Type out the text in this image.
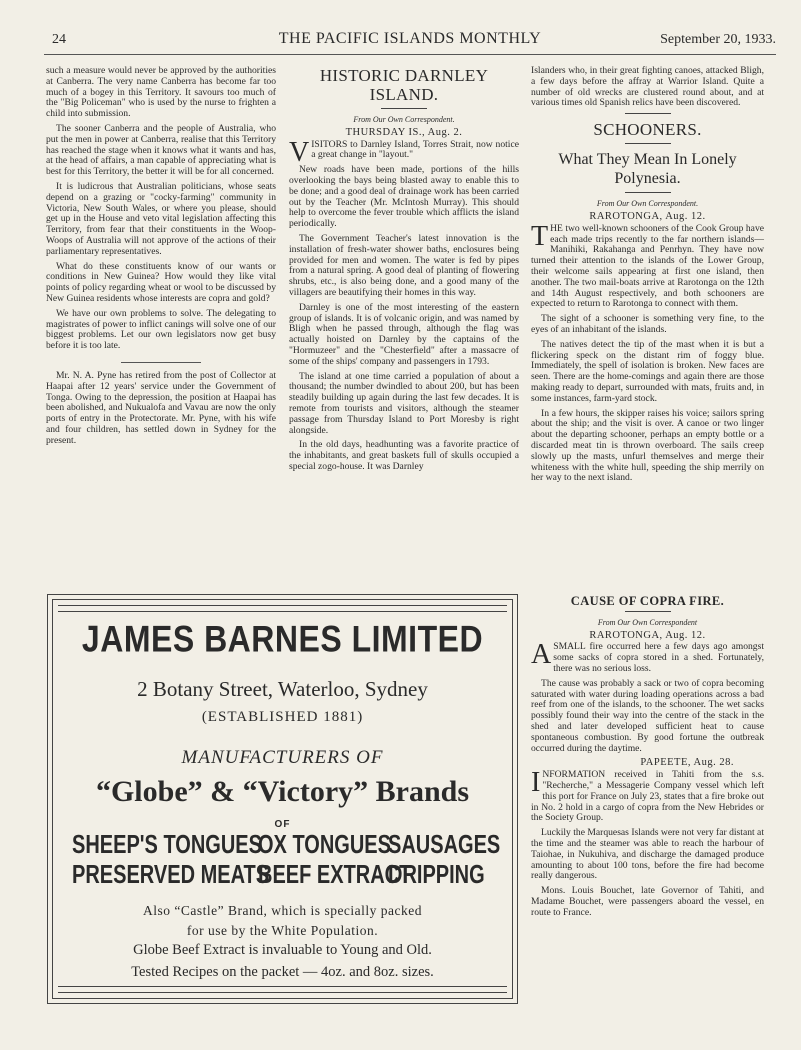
24	THE PACIFIC ISLANDS MONTHLY	September 20, 1933.

such a measure would never be approved by the authorities at Canberra. The very name Canberra has become far too much of a bogey in this Territory. It savours too much of the "Big Policeman" who is used by the nurse to frighten a child into submission.

The sooner Canberra and the people of Australia, who put the men in power at Canberra, realise that this Territory has reached the stage when it knows what it wants and has, at the head of affairs, a man capable of appreciating what is best for this Territory, the better it will be for all concerned.

It is ludicrous that Australian politicians, whose seats depend on a grazing or "cocky-farming" community in Victoria, New South Wales, or where you please, should get up in the House and veto vital legislation affecting this Territory, from fear that their constituents in the Woop-Woops of Australia will not approve of the actions of their parliamentary representatives.

What do these constituents know of our wants or conditions in New Guinea? How would they like vital points of policy regarding wheat or wool to be discussed by New Guinea residents whose interests are copra and gold?

We have our own problems to solve. The delegating to magistrates of power to inflict canings will solve one of our biggest problems. Let our own legislators now get busy before it is too late.

Mr. N. A. Pyne has retired from the post of Collector at Haapai after 12 years' service under the Government of Tonga. Owing to the depression, the position at Haapai has been abolished, and Nukualofa and Vavau are now the only ports of entry in the Protectorate. Mr. Pyne, with his wife and four children, has settled down in Sydney for the present.

HISTORIC DARNLEY ISLAND.
From Our Own Correspondent.
THURSDAY IS., Aug. 2.

VISITORS to Darnley Island, Torres Strait, now notice a great change in "layout."

New roads have been made, portions of the hills overlooking the bays being blasted away to enable this to be done; and a good deal of drainage work has been carried out by the Teacher (Mr. McIntosh Murray). This should help to overcome the fever trouble which afflicts the island periodically.

The Government Teacher's latest innovation is the installation of fresh-water shower baths, enclosures being provided for men and women. The water is fed by pipes from a natural spring. A good deal of planting of flowering shrubs, etc., is also being done, and a good many of the villagers are beautifying their homes in this way.

Darnley is one of the most interesting of the eastern group of islands. It is of volcanic origin, and was named by Bligh when he passed through, although the flag was actually hoisted on Darnley by the captains of the "Hormuzeer" and the "Chesterfield" after a massacre of some of the ships' company and passengers in 1793.

The island at one time carried a population of about a thousand; the number dwindled to about 200, but has been steadily building up again during the last few decades. It is remote from tourists and visitors, although the steamer passage from Thursday Island to Port Moresby is right alongside.

In the old days, headhunting was a favorite practice of the inhabitants, and great baskets full of skulls occupied a special zogo-house. It was Darnley

Islanders who, in their great fighting canoes, attacked Bligh, a few days before the affray at Warrior Island. Quite a number of old wrecks are clustered round about, and at various times old Spanish relics have been discovered.

SCHOONERS.
What They Mean In Lonely Polynesia.
From Our Own Correspondent.
RAROTONGA, Aug. 12.

THE two well-known schooners of the Cook Group have each made trips recently to the far northern islands— Manihiki, Rakahanga and Penrhyn. They have now turned their attention to the islands of the Lower Group, their welcome sails appearing at first one island, then another. The two mail-boats arrive at Rarotonga on the 12th and 14th August respectively, and both schooners are expected to return to Rarotonga to connect with them.

The sight of a schooner is something very fine, to the eyes of an inhabitant of the islands.

The natives detect the tip of the mast when it is but a flickering speck on the distant rim of foggy blue. Immediately, the spell of isolation is broken. New faces are seen. There are the home-comings and again there are those making ready to depart, surrounded with mats, fruits and, in some instances, farm-yard stock.

In a few hours, the skipper raises his voice; sailors spring about the ship; and the visit is over. A canoe or two linger about the departing schooner, perhaps an empty bottle or a discarded meat tin is thrown overboard. The sails creep slowly up the masts, unfurl themselves and merge their whiteness with the white hull, speeding the ship merrily on her way to the next island.

CAUSE OF COPRA FIRE.
From Our Own Correspondent
RAROTONGA, Aug. 12.

ASMALL fire occurred here a few days ago amongst some sacks of copra stored in a shed. Fortunately, there was no serious loss.

The cause was probably a sack or two of copra becoming saturated with water during loading operations across a bad reef from one of the islands, to the schooner. The wet sacks possibly found their way into the centre of the stack in the shed and later developed sufficient heat to cause spontaneous combustion. By good fortune the outbreak occurred during the daytime.

PAPEETE, Aug. 28.

INFORMATION received in Tahiti from the s.s. "Recherche," a Messagerie Company vessel which left this port for France on July 23, states that a fire broke out in No. 2 hold in a cargo of copra from the New Hebrides or the Society Group.

Luckily the Marquesas Islands were not very far distant at the time and the steamer was able to reach the harbour of Taiohae, in Nukuhiva, and discharge the damaged produce amounting to about 100 tons, before the fire had become really dangerous.

Mons. Louis Bouchet, late Governor of Tahiti, and Madame Bouchet, were passengers aboard the vessel, en route to France.

JAMES BARNES LIMITED
2 Botany Street, Waterloo, Sydney
(ESTABLISHED 1881)
MANUFACTURERS OF
“Globe” & “Victory” Brands
OF
SHEEP'S TONGUES
OX TONGUES
SAUSAGES
PRESERVED MEATS
BEEF EXTRACT
DRIPPING
Also “Castle” Brand, which is specially packed
for use by the White Population.
Globe Beef Extract is invaluable to Young and Old.
Tested Recipes on the packet — 4oz. and 8oz. sizes.
